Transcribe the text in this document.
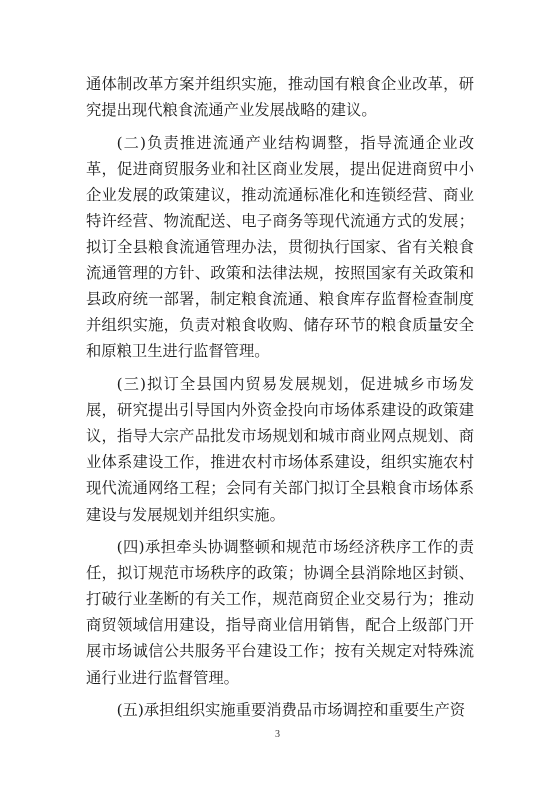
通体制改革方案并组织实施，推动国有粮食企业改革，研究提出现代粮食流通产业发展战略的建议。

(二)负责推进流通产业结构调整，指导流通企业改革，促进商贸服务业和社区商业发展，提出促进商贸中小企业发展的政策建议，推动流通标准化和连锁经营、商业特许经营、物流配送、电子商务等现代流通方式的发展；拟订全县粮食流通管理办法，贯彻执行国家、省有关粮食流通管理的方针、政策和法律法规，按照国家有关政策和县政府统一部署，制定粮食流通、粮食库存监督检查制度并组织实施，负责对粮食收购、储存环节的粮食质量安全和原粮卫生进行监督管理。

(三)拟订全县国内贸易发展规划，促进城乡市场发展，研究提出引导国内外资金投向市场体系建设的政策建议，指导大宗产品批发市场规划和城市商业网点规划、商业体系建设工作，推进农村市场体系建设，组织实施农村现代流通网络工程；会同有关部门拟订全县粮食市场体系建设与发展规划并组织实施。

(四)承担牵头协调整顿和规范市场经济秩序工作的责任，拟订规范市场秩序的政策；协调全县消除地区封锁、打破行业垄断的有关工作，规范商贸企业交易行为；推动商贸领域信用建设，指导商业信用销售，配合上级部门开展市场诚信公共服务平台建设工作；按有关规定对特殊流通行业进行监督管理。

(五)承担组织实施重要消费品市场调控和重要生产资

3
